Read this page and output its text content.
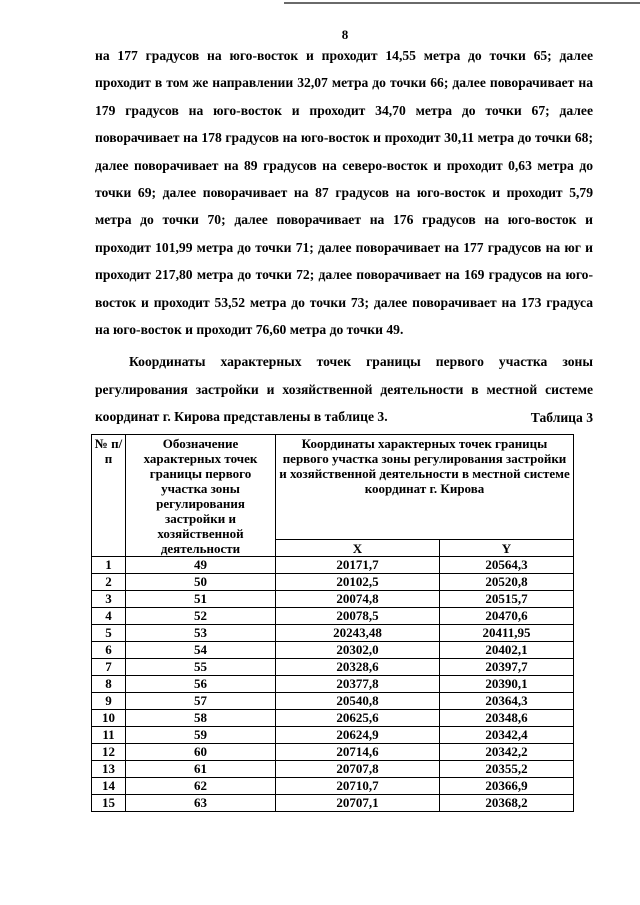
8

на 177 градусов на юго-восток и проходит 14,55 метра до точки 65; далее проходит в том же направлении 32,07 метра до точки 66; далее поворачивает на 179 градусов на юго-восток и проходит 34,70 метра до точки 67; далее поворачивает на 178 градусов на юго-восток и проходит 30,11 метра до точки 68; далее поворачивает на 89 градусов на северо-восток и проходит 0,63 метра до точки 69; далее поворачивает на 87 градусов на юго-восток и проходит 5,79 метра до точки 70; далее поворачивает на 176 градусов на юго-восток и проходит 101,99 метра до точки 71; далее поворачивает на 177 градусов на юг и проходит 217,80 метра до точки 72; далее поворачивает на 169 градусов на юго-восток и проходит 53,52 метра до точки 73; далее поворачивает на 173 градуса на юго-восток и проходит 76,60 метра до точки 49.

Координаты характерных точек границы первого участка зоны регулирования застройки и хозяйственной деятельности в местной системе координат г. Кирова представлены в таблице 3.	Таблица 3
№ п/п	Обозначение характерных точек границы первого участка зоны регулирования застройки и хозяйственной деятельности	Координаты характерных точек границы первого участка зоны регулирования застройки и хозяйственной деятельности в местной системе координат г. Кирова	
		X	Y
1	49	20171,7	20564,3
2	50	20102,5	20520,8
3	51	20074,8	20515,7
4	52	20078,5	20470,6
5	53	20243,48	20411,95
6	54	20302,0	20402,1
7	55	20328,6	20397,7
8	56	20377,8	20390,1
9	57	20540,8	20364,3
10	58	20625,6	20348,6
11	59	20624,9	20342,4
12	60	20714,6	20342,2
13	61	20707,8	20355,2
14	62	20710,7	20366,9
15	63	20707,1	20368,2
